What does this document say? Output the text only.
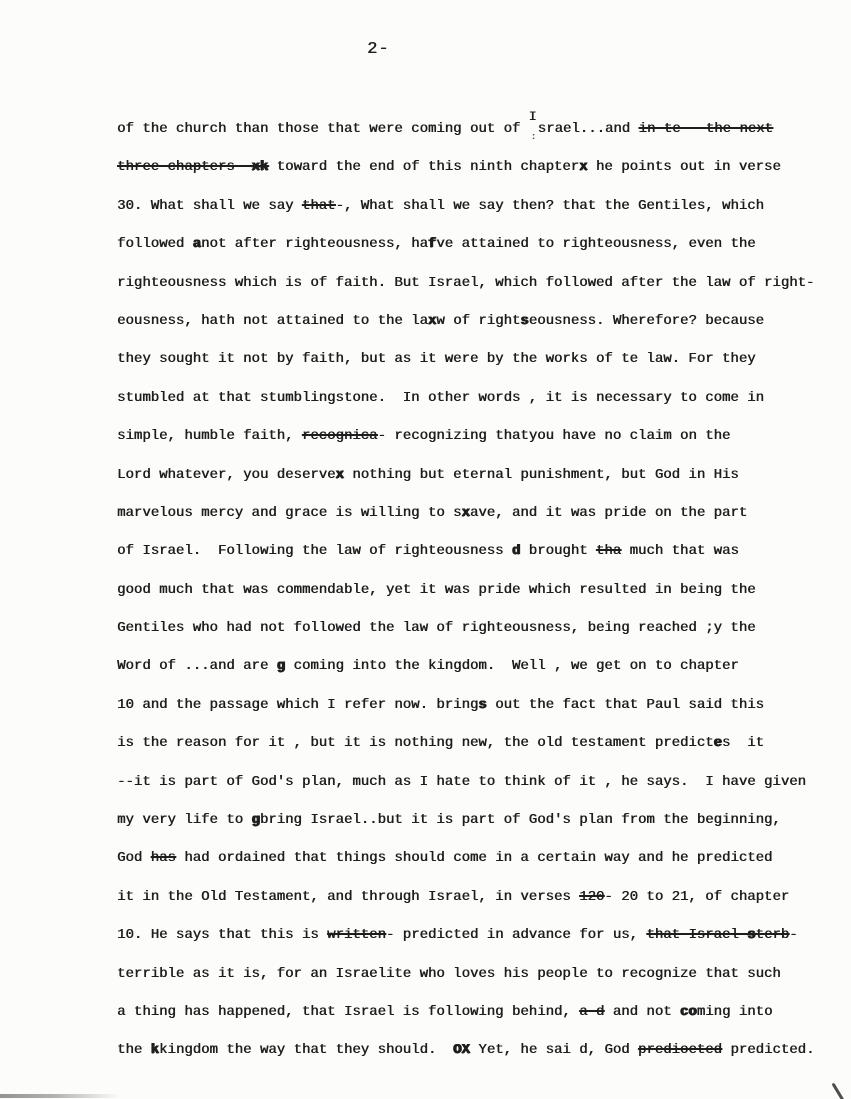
2-
of the church than those that were coming out of
I
: srael...and in te-- the-next
three chapters- xk toward the end of this ninth chapterx he points out in verse
30. What shall we say that-, What shall we say then? that the Gentiles, which
followed anot after righteousness, hafve attained to righteousness, even the
righteousness which is of faith. But Israel, which followed after the law of right-
eousness, hath not attained to the laxw of rightseousness. Wherefore? because
they sought it not by faith, but as it were by the works of te law. For they
stumbled at that stumblingstone.  In other words , it is necessary to come in
simple, humble faith, recognica- recognizing thatyou have no claim on the
Lord whatever, you deservex nothing but eternal punishment, but God in His
marvelous mercy and grace is willing to sxave, and it was pride on the part
of Israel.  Following the law of righteousness d brought tha much that was
good much that was commendable, yet it was pride which resulted in being the
Gentiles who had not followed the law of righteousness, being reached ;y the
Word of ...and are g coming into the kingdom.  Well , we get on to chapter
10 and the passage which I refer now. brings out the fact that Paul said this
is the reason for it , but it is nothing new, the old testament predictes  it
--it is part of God's plan, much as I hate to think of it , he says.  I have given
my very life to gbring Israel..but it is part of God's plan from the beginning,
God has had ordained that things should come in a certain way and he predicted
it in the Old Testament, and through Israel, in verses 120- 20 to 21, of chapter
10. He says that this is written- predicted in advance for us, that-Israel-sterb-
terrible as it is, for an Israelite who loves his people to recognize that such
a thing has happened, that Israel is following behind, a d and not coming into
the kkingdom the way that they should.  OX Yet, he sai d, God predioeted predicted.
